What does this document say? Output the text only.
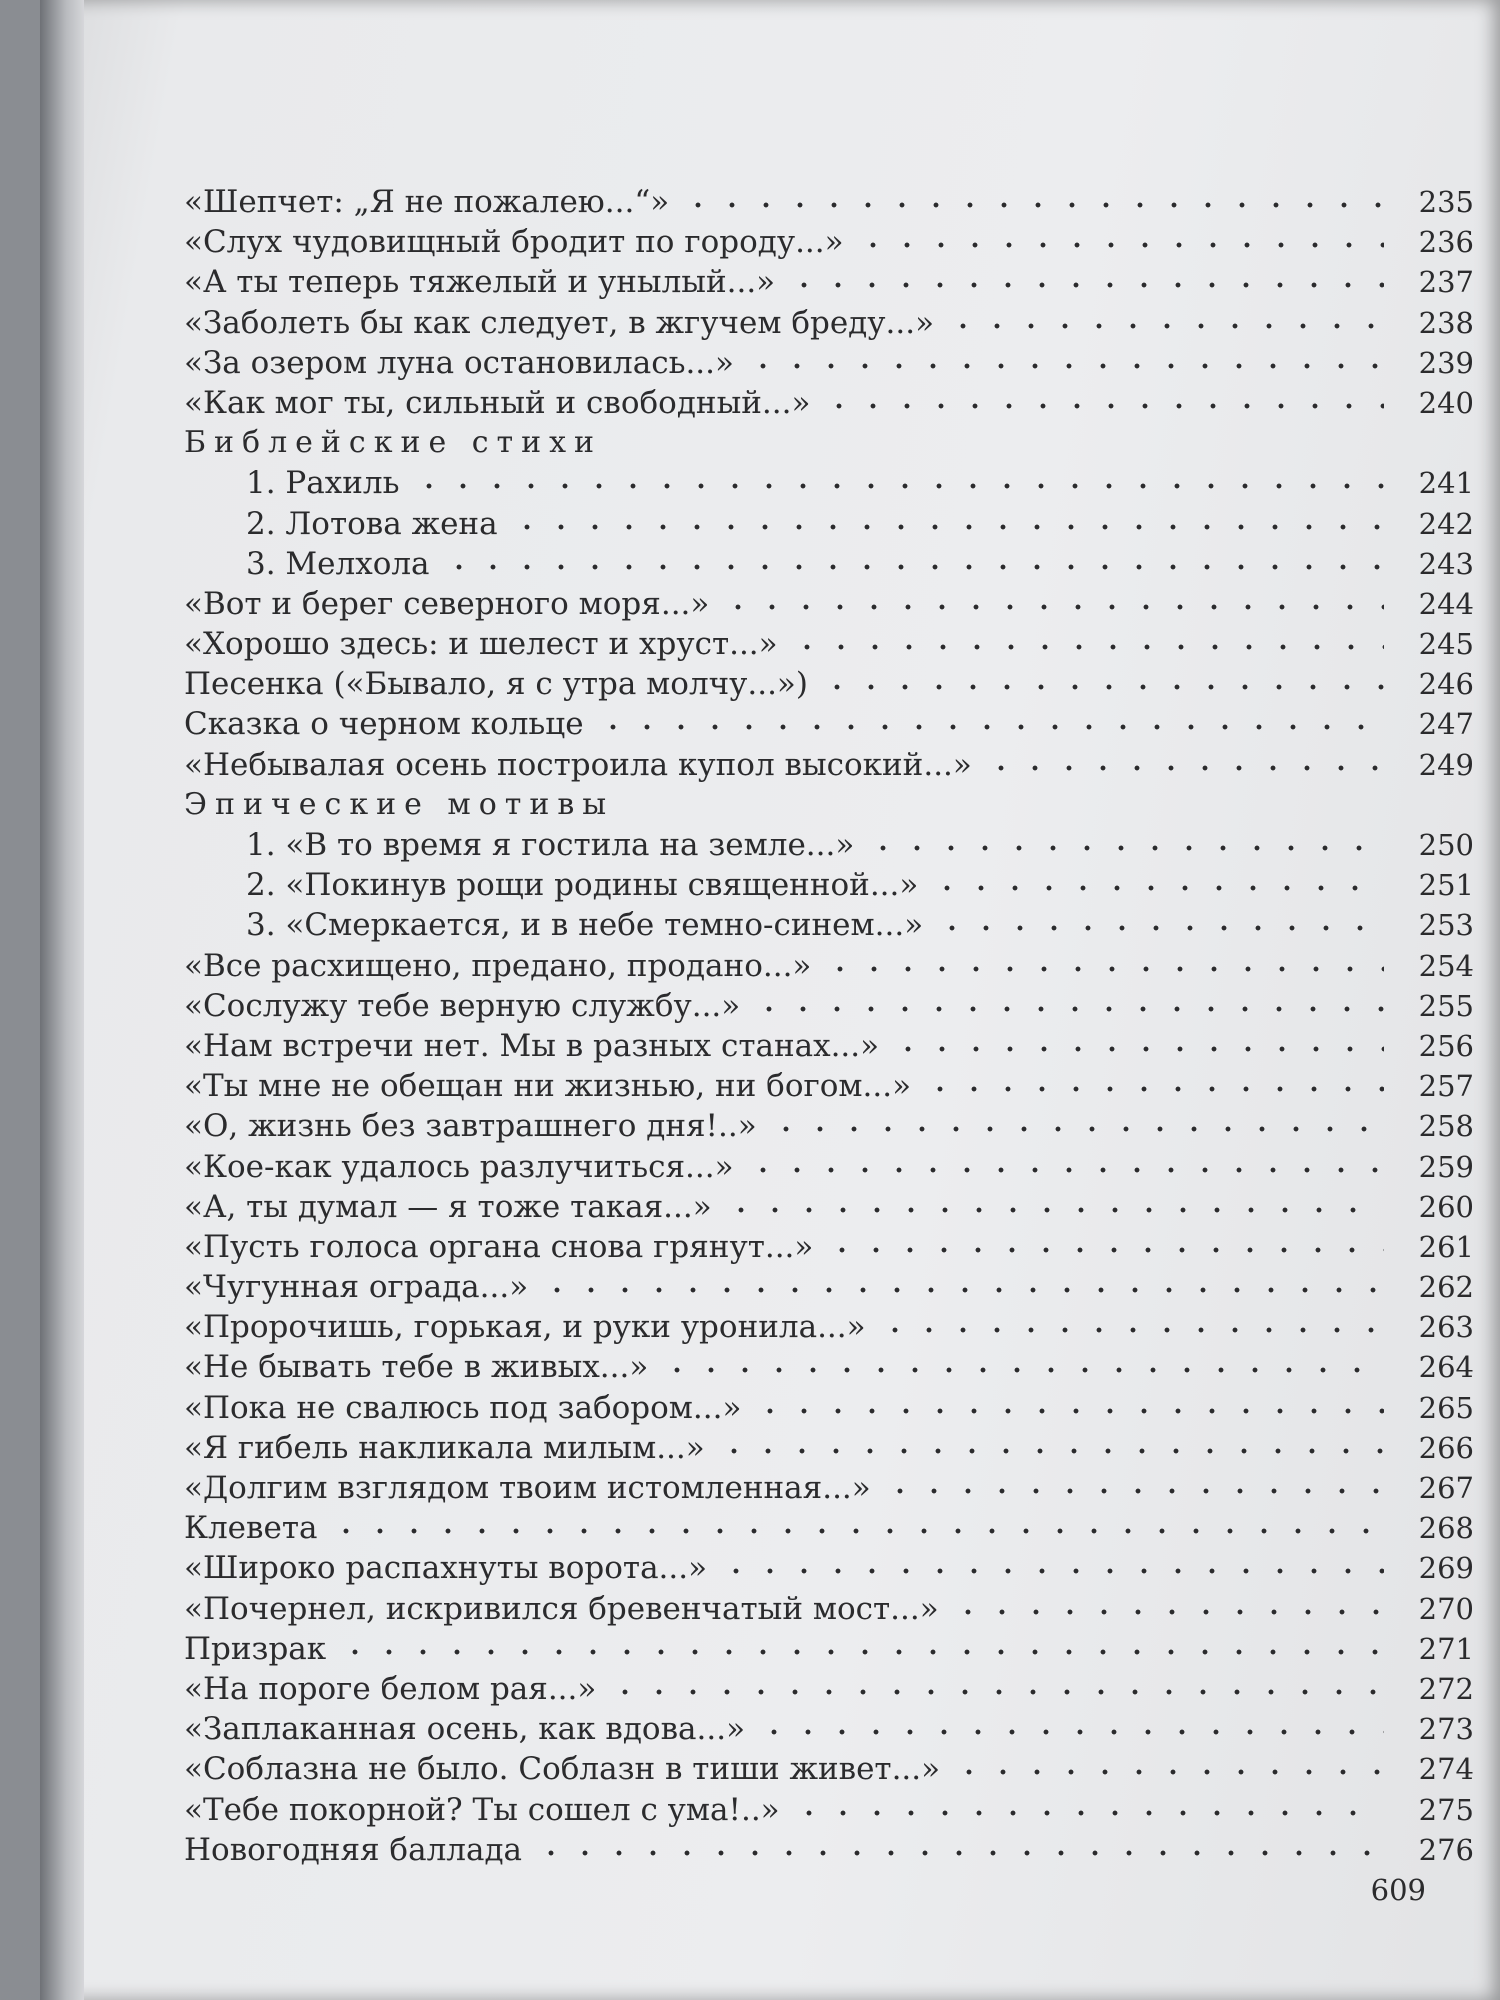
«Шепчет: „Я не пожалею...“»	235
«Слух чудовищный бродит по городу...»	236
«А ты теперь тяжелый и унылый...»	237
«Заболеть бы как следует, в жгучем бреду...»	238
«За озером луна остановилась...»	239
«Как мог ты, сильный и свободный...»	240
Библейские стихи
1. Рахиль	241
2. Лотова жена	242
3. Мелхола	243
«Вот и берег северного моря...»	244
«Хорошо здесь: и шелест и хруст...»	245
Песенка («Бывало, я с утра молчу...»)	246
Сказка о черном кольце	247
«Небывалая осень построила купол высокий...»	249
Эпические мотивы
1. «В то время я гостила на земле...»	250
2. «Покинув рощи родины священной...»	251
3. «Смеркается, и в небе темно-синем...»	253
«Все расхищено, предано, продано...»	254
«Сослужу тебе верную службу...»	255
«Нам встречи нет. Мы в разных станах...»	256
«Ты мне не обещан ни жизнью, ни богом...»	257
«О, жизнь без завтрашнего дня!..»	258
«Кое-как удалось разлучиться...»	259
«А, ты думал — я тоже такая...»	260
«Пусть голоса органа снова грянут...»	261
«Чугунная ограда...»	262
«Пророчишь, горькая, и руки уронила...»	263
«Не бывать тебе в живых...»	264
«Пока не свалюсь под забором...»	265
«Я гибель накликала милым...»	266
«Долгим взглядом твоим истомленная...»	267
Клевета	268
«Широко распахнуты ворота...»	269
«Почернел, искривился бревенчатый мост...»	270
Призрак	271
«На пороге белом рая...»	272
«Заплаканная осень, как вдова...»	273
«Соблазна не было. Соблазн в тиши живет...»	274
«Тебе покорной? Ты сошел с ума!..»	275
Новогодняя баллада	276
609
